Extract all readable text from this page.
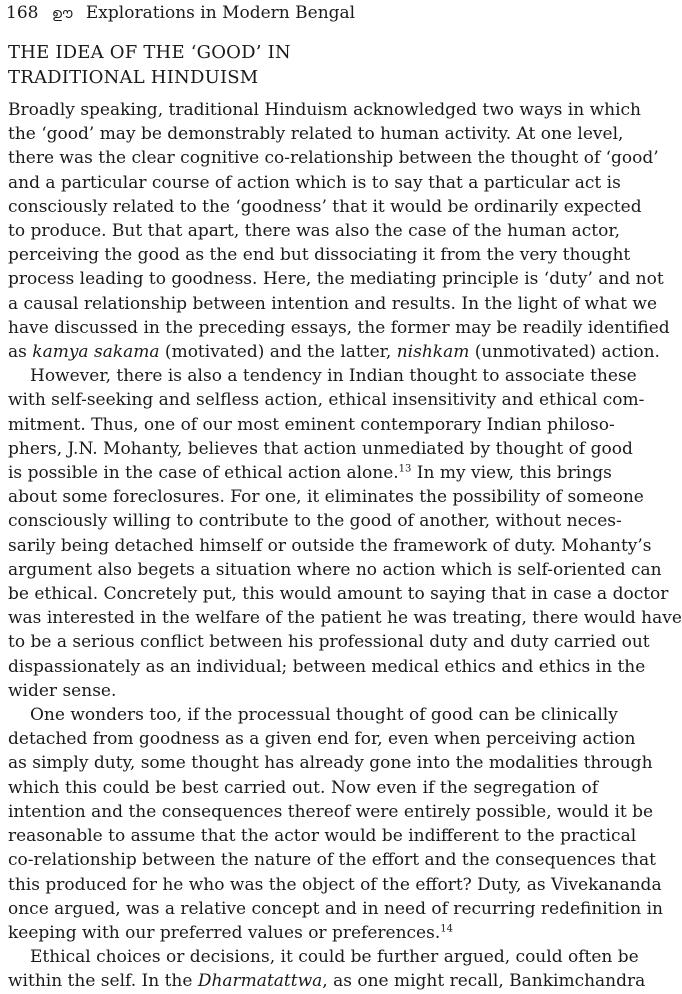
168 ഊ Explorations in Modern Bengal
THE IDEA OF THE ‘GOOD’ IN
TRADITIONAL HINDUISM
Broadly speaking, traditional Hinduism acknowledged two ways in which
the ‘good’ may be demonstrably related to human activity. At one level,
there was the clear cognitive co-relationship between the thought of ‘good’
and a particular course of action which is to say that a particular act is
consciously related to the ‘goodness’ that it would be ordinarily expected
to produce. But that apart, there was also the case of the human actor,
perceiving the good as the end but dissociating it from the very thought
process leading to goodness. Here, the mediating principle is ‘duty’ and not
a causal relationship between intention and results. In the light of what we
have discussed in the preceding essays, the former may be readily identified
as kamya sakama (motivated) and the latter, nishkam (unmotivated) action.
However, there is also a tendency in Indian thought to associate these
with self-seeking and selfless action, ethical insensitivity and ethical com-
mitment. Thus, one of our most eminent contemporary Indian philoso-
phers, J.N. Mohanty, believes that action unmediated by thought of good
is possible in the case of ethical action alone.$^{13}$ In my view, this brings
about some foreclosures. For one, it eliminates the possibility of someone
consciously willing to contribute to the good of another, without neces-
sarily being detached himself or outside the framework of duty. Mohanty’s
argument also begets a situation where no action which is self-oriented can
be ethical. Concretely put, this would amount to saying that in case a doctor
was interested in the welfare of the patient he was treating, there would have
to be a serious conflict between his professional duty and duty carried out
dispassionately as an individual; between medical ethics and ethics in the
wider sense.
One wonders too, if the processual thought of good can be clinically
detached from goodness as a given end for, even when perceiving action
as simply duty, some thought has already gone into the modalities through
which this could be best carried out. Now even if the segregation of
intention and the consequences thereof were entirely possible, would it be
reasonable to assume that the actor would be indifferent to the practical
co-relationship between the nature of the effort and the consequences that
this produced for he who was the object of the effort? Duty, as Vivekananda
once argued, was a relative concept and in need of recurring redefinition in
keeping with our preferred values or preferences.$^{14}$
Ethical choices or decisions, it could be further argued, could often be
within the self. In the Dharmatattwa, as one might recall, Bankimchandra
